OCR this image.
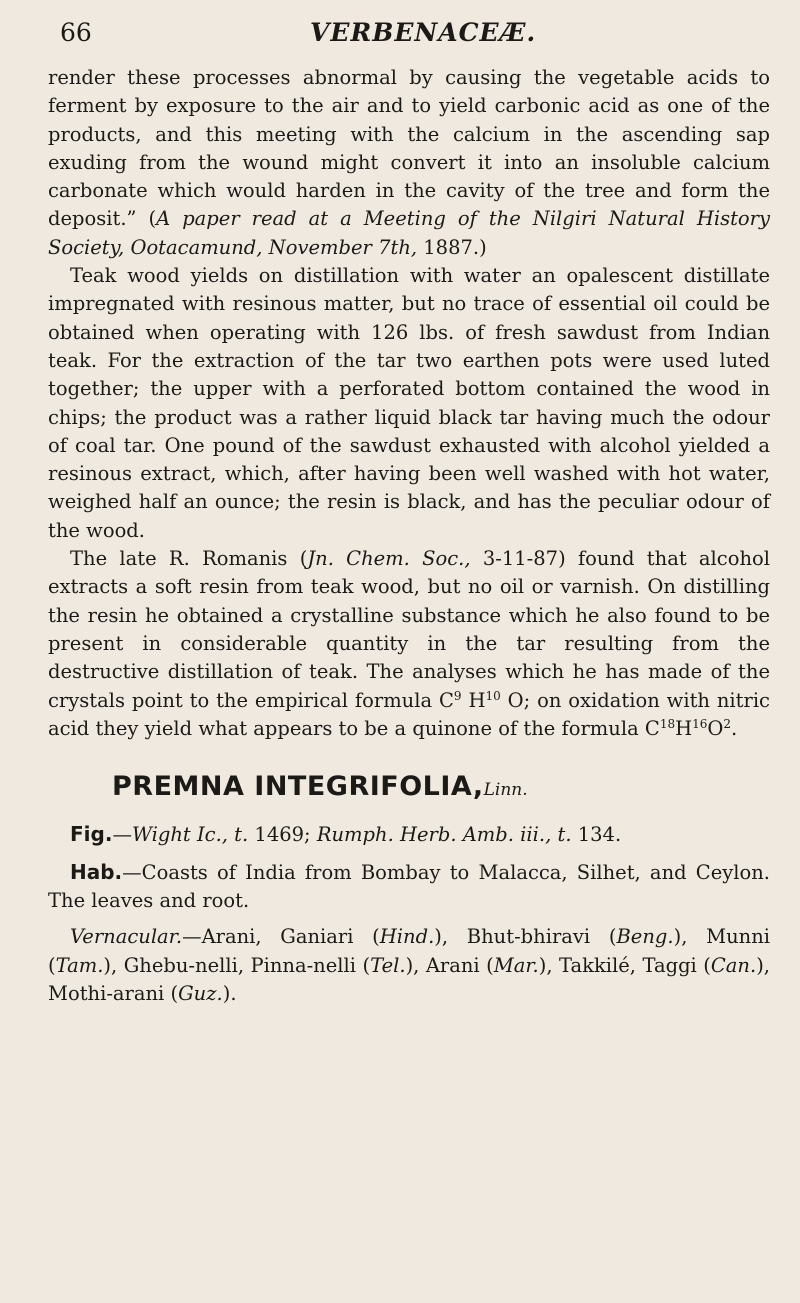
66	VERBENACEÆ.

render these processes abnormal by causing the vegetable acids to ferment by exposure to the air and to yield carbonic acid as one of the products, and this meeting with the calcium in the ascending sap exuding from the wound might convert it into an insoluble calcium carbonate which would harden in the cavity of the tree and form the deposit.” (A paper read at a Meeting of the Nilgiri Natural History Society, Ootacamund, November 7th, 1887.)

Teak wood yields on distillation with water an opalescent distillate impregnated with resinous matter, but no trace of essential oil could be obtained when operating with 126 lbs. of fresh sawdust from Indian teak. For the extraction of the tar two earthen pots were used luted together; the upper with a perforated bottom contained the wood in chips; the product was a rather liquid black tar having much the odour of coal tar. One pound of the sawdust exhausted with alcohol yielded a resinous extract, which, after having been well washed with hot water, weighed half an ounce; the resin is black, and has the peculiar odour of the wood.

The late R. Romanis (Jn. Chem. Soc., 3-11-87) found that alcohol extracts a soft resin from teak wood, but no oil or varnish. On distilling the resin he obtained a crystalline substance which he also found to be present in considerable quantity in the tar resulting from the destructive distillation of teak. The analyses which he has made of the crystals point to the empirical formula $C^9$ $H^{10}$ O; on oxidation with nitric acid they yield what appears to be a quinone of the formula $C^{18}H^{16}O^2$.

PREMNA INTEGRIFOLIA,Linn.

Fig.—Wight Ic., t. 1469; Rumph. Herb. Amb. iii., t. 134.

Hab.—Coasts of India from Bombay to Malacca, Silhet, and Ceylon. The leaves and root.

Vernacular.—Arani, Ganiari (Hind.), Bhut-bhiravi (Beng.), Munni (Tam.), Ghebu-nelli, Pinna-nelli (Tel.), Arani (Mar.), Takkilé, Taggi (Can.), Mothi-arani (Guz.).
